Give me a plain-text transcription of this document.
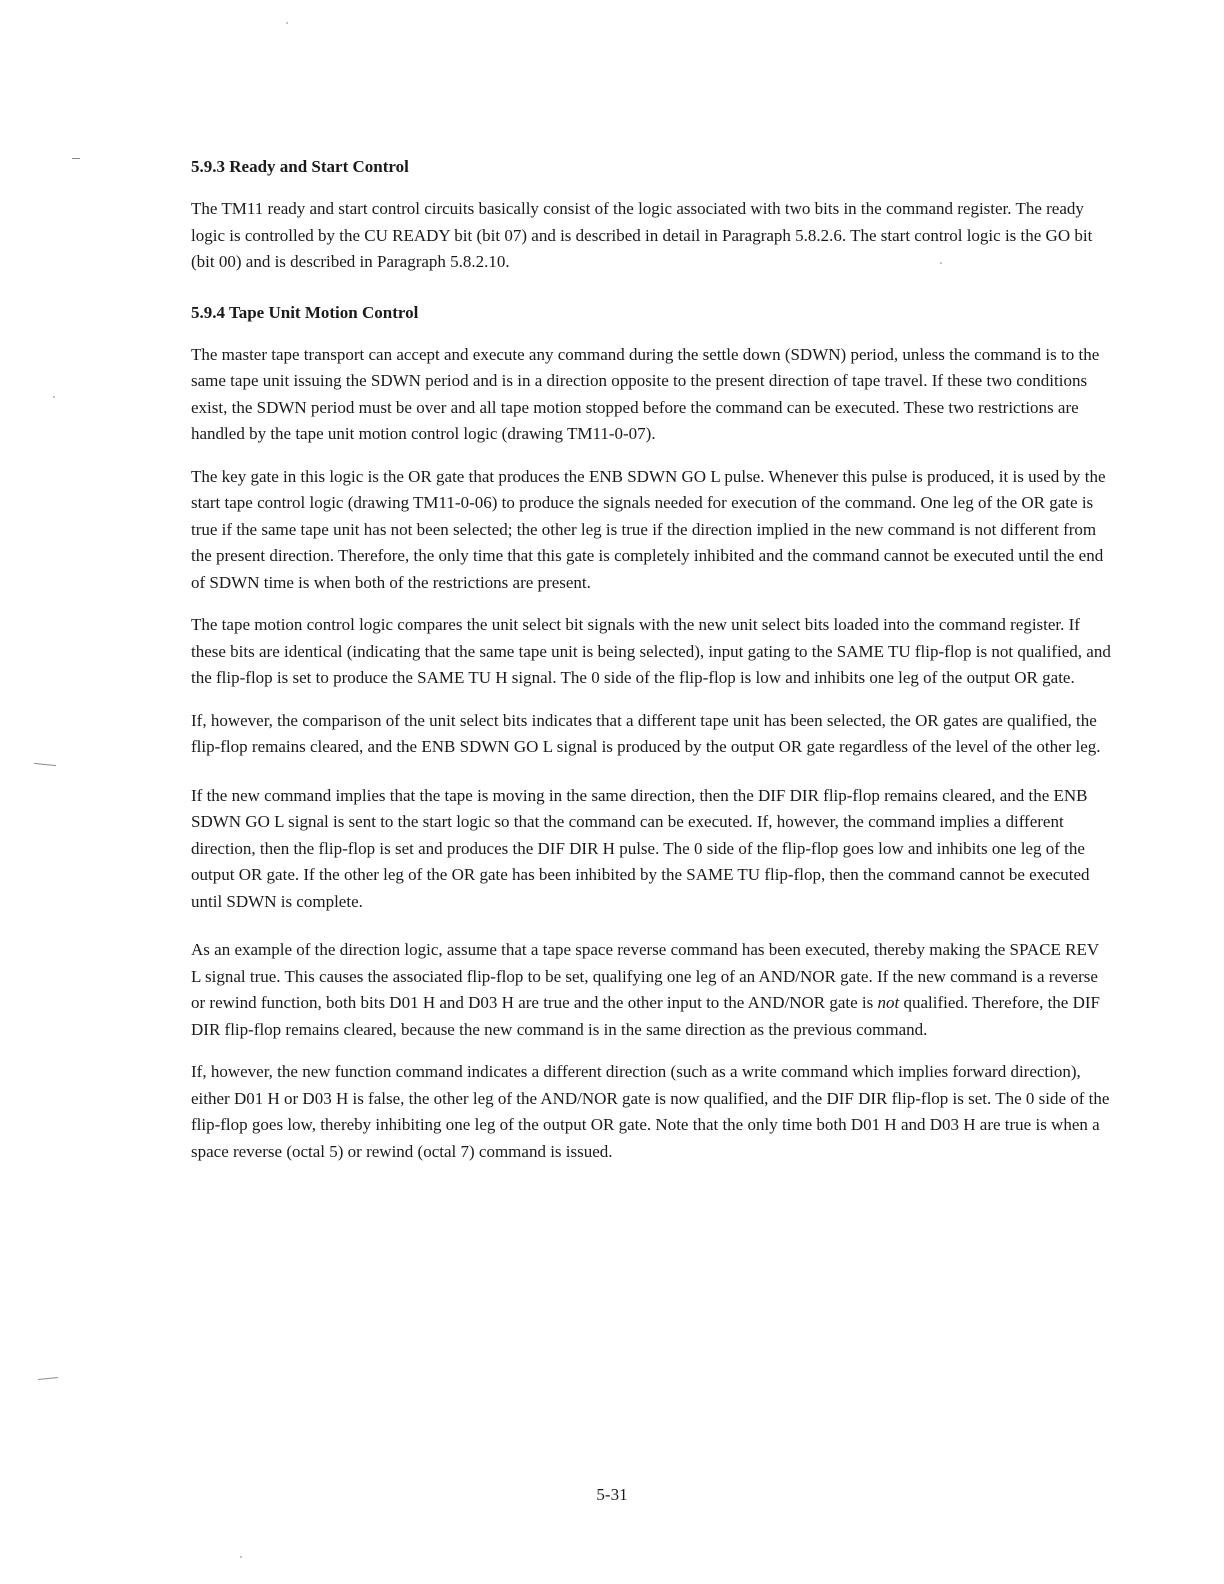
5.9.3 Ready and Start Control

The TM11 ready and start control circuits basically consist of the logic associated with two bits in the command register. The ready logic is controlled by the CU READY bit (bit 07) and is described in detail in Paragraph 5.8.2.6. The start control logic is the GO bit (bit 00) and is described in Paragraph 5.8.2.10.

5.9.4 Tape Unit Motion Control

The master tape transport can accept and execute any command during the settle down (SDWN) period, unless the command is to the same tape unit issuing the SDWN period and is in a direction opposite to the present direction of tape travel. If these two conditions exist, the SDWN period must be over and all tape motion stopped before the command can be executed. These two restrictions are handled by the tape unit motion control logic (drawing TM11-0-07).

The key gate in this logic is the OR gate that produces the ENB SDWN GO L pulse. Whenever this pulse is produced, it is used by the start tape control logic (drawing TM11-0-06) to produce the signals needed for execution of the command. One leg of the OR gate is true if the same tape unit has not been selected; the other leg is true if the direction implied in the new command is not different from the present direction. Therefore, the only time that this gate is completely inhibited and the command cannot be executed until the end of SDWN time is when both of the restrictions are present.

The tape motion control logic compares the unit select bit signals with the new unit select bits loaded into the command register. If these bits are identical (indicating that the same tape unit is being selected), input gating to the SAME TU flip-flop is not qualified, and the flip-flop is set to produce the SAME TU H signal. The 0 side of the flip-flop is low and inhibits one leg of the output OR gate.

If, however, the comparison of the unit select bits indicates that a different tape unit has been selected, the OR gates are qualified, the flip-flop remains cleared, and the ENB SDWN GO L signal is produced by the output OR gate regardless of the level of the other leg.

If the new command implies that the tape is moving in the same direction, then the DIF DIR flip-flop remains cleared, and the ENB SDWN GO L signal is sent to the start logic so that the command can be executed. If, however, the command implies a different direction, then the flip-flop is set and produces the DIF DIR H pulse. The 0 side of the flip-flop goes low and inhibits one leg of the output OR gate. If the other leg of the OR gate has been inhibited by the SAME TU flip-flop, then the command cannot be executed until SDWN is complete.

As an example of the direction logic, assume that a tape space reverse command has been executed, thereby making the SPACE REV L signal true. This causes the associated flip-flop to be set, qualifying one leg of an AND/NOR gate. If the new command is a reverse or rewind function, both bits D01 H and D03 H are true and the other input to the AND/NOR gate is not qualified. Therefore, the DIF DIR flip-flop remains cleared, because the new command is in the same direction as the previous command.

If, however, the new function command indicates a different direction (such as a write command which implies forward direction), either D01 H or D03 H is false, the other leg of the AND/NOR gate is now qualified, and the DIF DIR flip-flop is set. The 0 side of the flip-flop goes low, thereby inhibiting one leg of the output OR gate. Note that the only time both D01 H and D03 H are true is when a space reverse (octal 5) or rewind (octal 7) command is issued.

5-31
